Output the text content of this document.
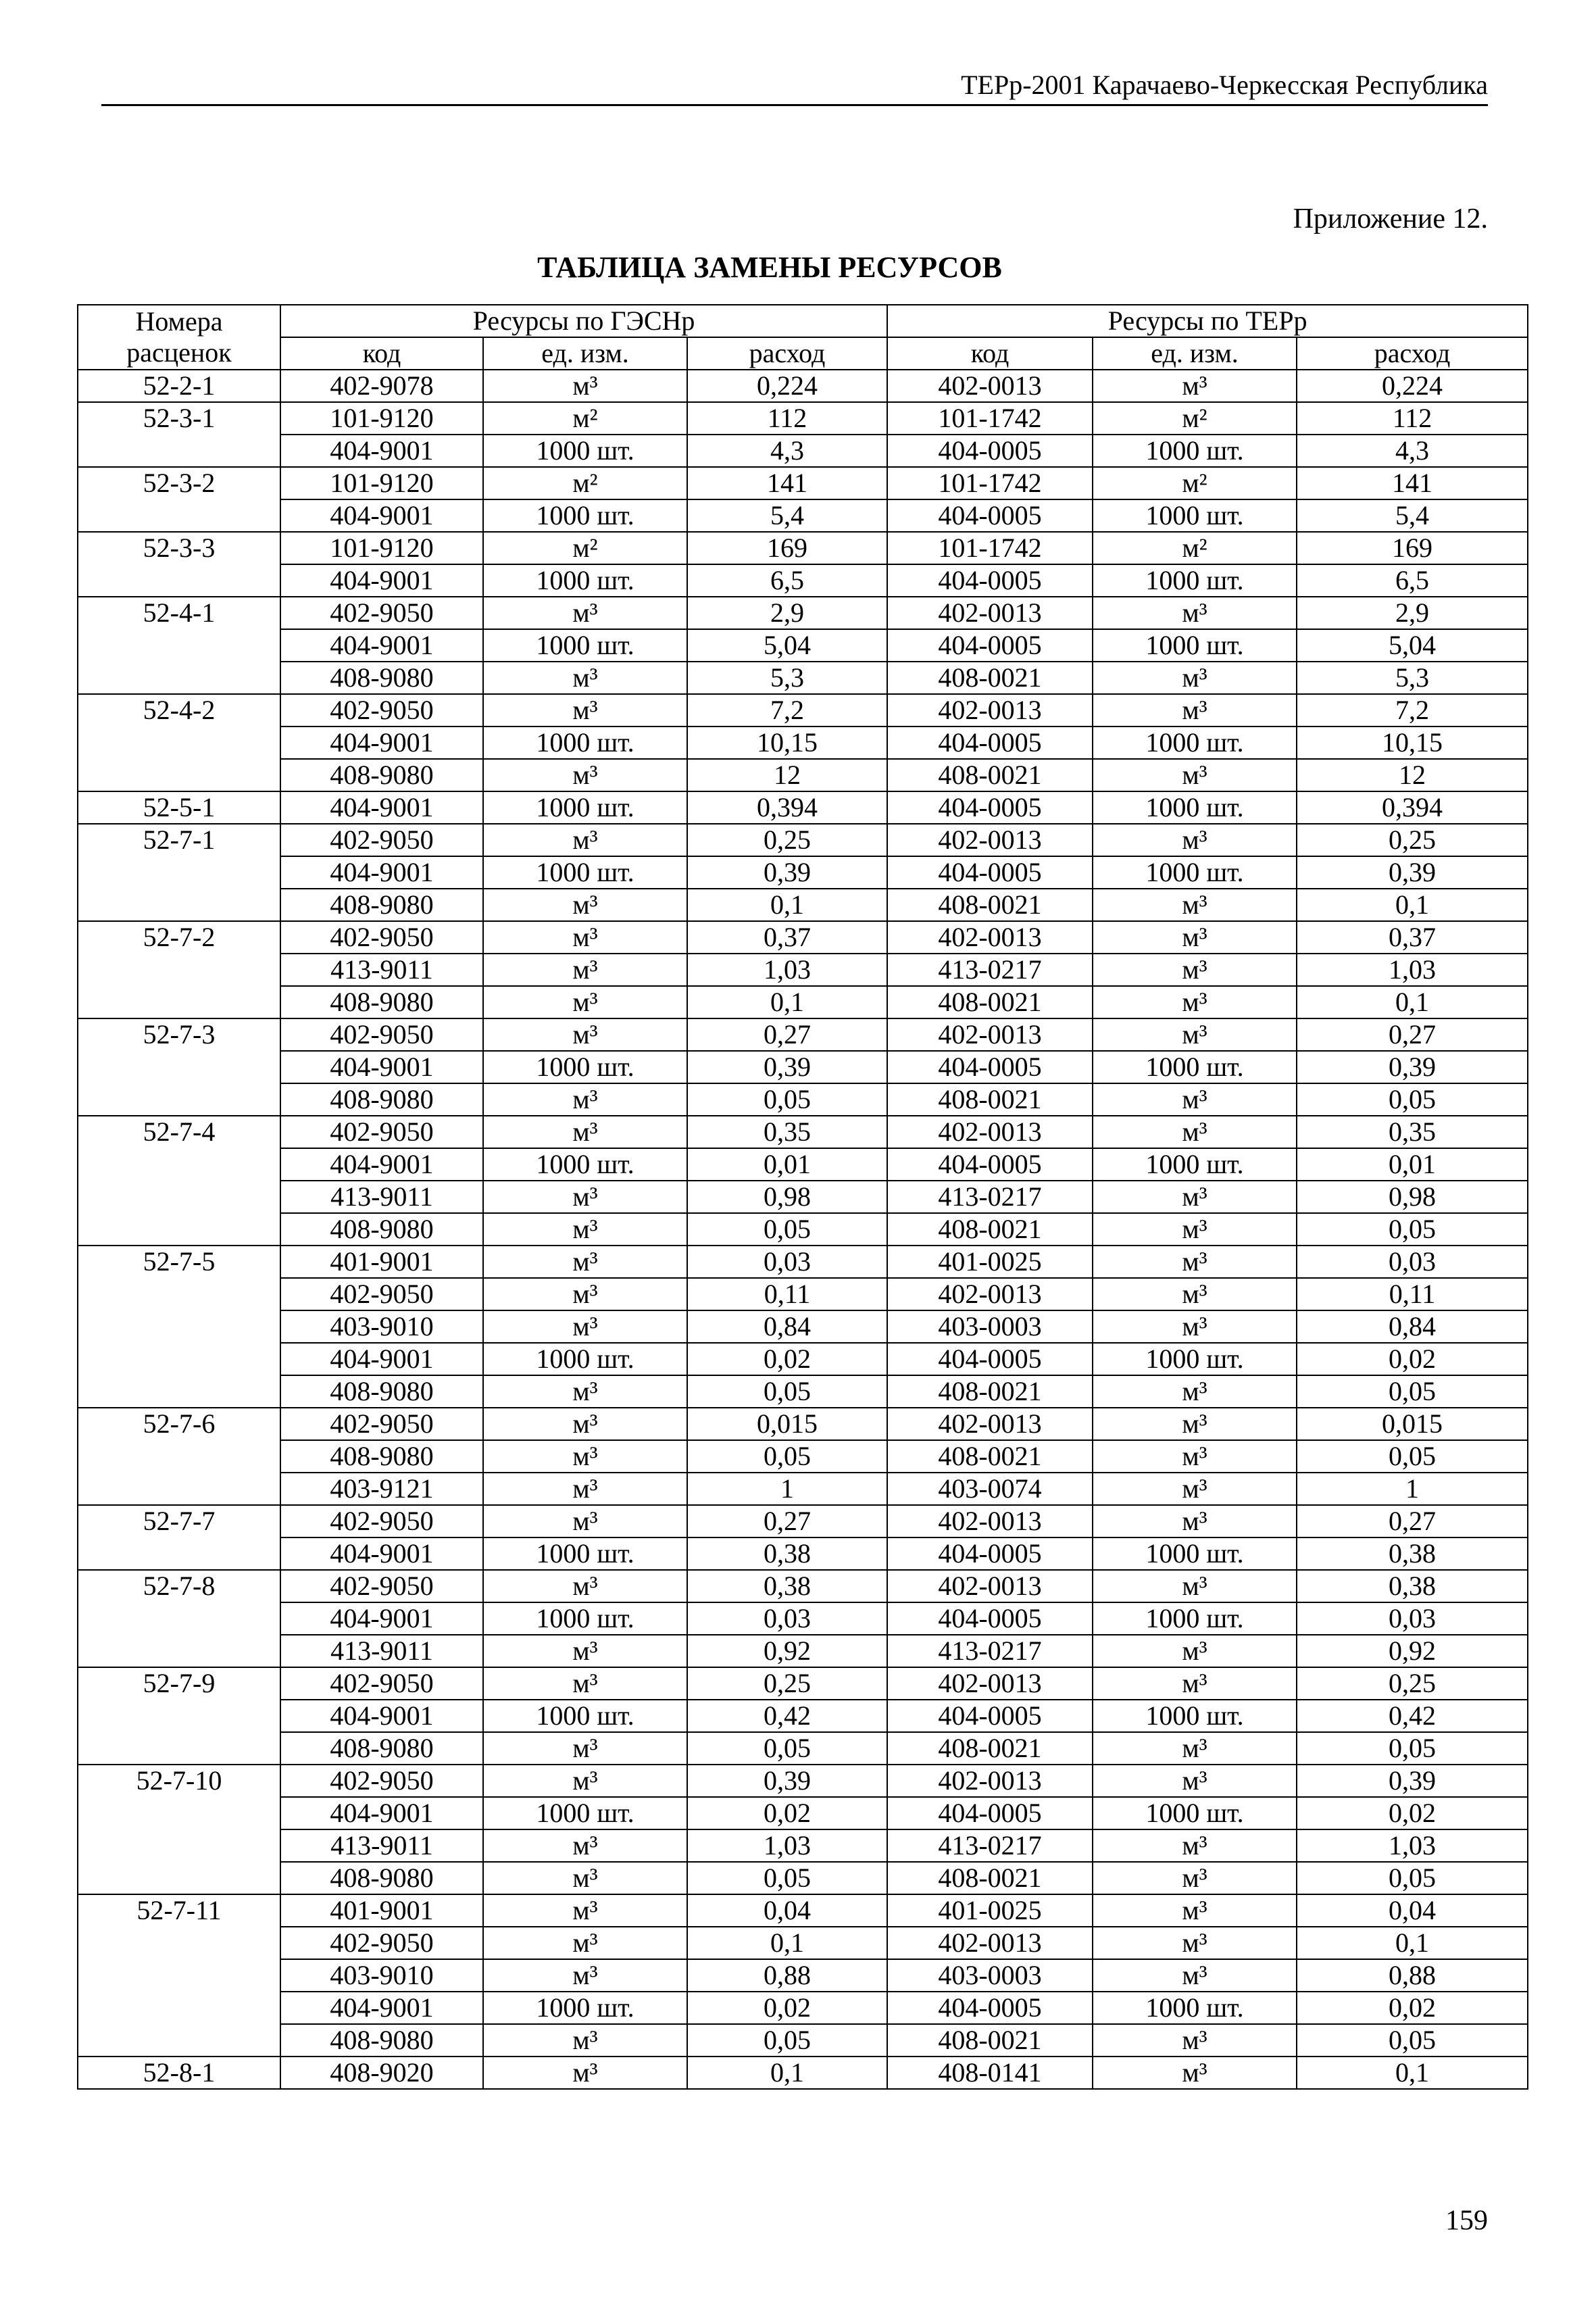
ТЕРр-2001 Карачаево-Черкесская Республика
Приложение 12.
ТАБЛИЦА ЗАМЕНЫ РЕСУРСОВ
Номера расценок	Ресурсы по ГЭСНр			Ресурсы по ТЕРр		
	код	ед. изм.	расход	код	ед. изм.	расход
52-2-1	402-9078	м³	0,224	402-0013	м³	0,224
52-3-1	101-9120	м²	112	101-1742	м²	112
	404-9001	1000 шт.	4,3	404-0005	1000 шт.	4,3
52-3-2	101-9120	м²	141	101-1742	м²	141
	404-9001	1000 шт.	5,4	404-0005	1000 шт.	5,4
52-3-3	101-9120	м²	169	101-1742	м²	169
	404-9001	1000 шт.	6,5	404-0005	1000 шт.	6,5
52-4-1	402-9050	м³	2,9	402-0013	м³	2,9
	404-9001	1000 шт.	5,04	404-0005	1000 шт.	5,04
	408-9080	м³	5,3	408-0021	м³	5,3
52-4-2	402-9050	м³	7,2	402-0013	м³	7,2
	404-9001	1000 шт.	10,15	404-0005	1000 шт.	10,15
	408-9080	м³	12	408-0021	м³	12
52-5-1	404-9001	1000 шт.	0,394	404-0005	1000 шт.	0,394
52-7-1	402-9050	м³	0,25	402-0013	м³	0,25
	404-9001	1000 шт.	0,39	404-0005	1000 шт.	0,39
	408-9080	м³	0,1	408-0021	м³	0,1
52-7-2	402-9050	м³	0,37	402-0013	м³	0,37
	413-9011	м³	1,03	413-0217	м³	1,03
	408-9080	м³	0,1	408-0021	м³	0,1
52-7-3	402-9050	м³	0,27	402-0013	м³	0,27
	404-9001	1000 шт.	0,39	404-0005	1000 шт.	0,39
	408-9080	м³	0,05	408-0021	м³	0,05
52-7-4	402-9050	м³	0,35	402-0013	м³	0,35
	404-9001	1000 шт.	0,01	404-0005	1000 шт.	0,01
	413-9011	м³	0,98	413-0217	м³	0,98
	408-9080	м³	0,05	408-0021	м³	0,05
52-7-5	401-9001	м³	0,03	401-0025	м³	0,03
	402-9050	м³	0,11	402-0013	м³	0,11
	403-9010	м³	0,84	403-0003	м³	0,84
	404-9001	1000 шт.	0,02	404-0005	1000 шт.	0,02
	408-9080	м³	0,05	408-0021	м³	0,05
52-7-6	402-9050	м³	0,015	402-0013	м³	0,015
	408-9080	м³	0,05	408-0021	м³	0,05
	403-9121	м³	1	403-0074	м³	1
52-7-7	402-9050	м³	0,27	402-0013	м³	0,27
	404-9001	1000 шт.	0,38	404-0005	1000 шт.	0,38
52-7-8	402-9050	м³	0,38	402-0013	м³	0,38
	404-9001	1000 шт.	0,03	404-0005	1000 шт.	0,03
	413-9011	м³	0,92	413-0217	м³	0,92
52-7-9	402-9050	м³	0,25	402-0013	м³	0,25
	404-9001	1000 шт.	0,42	404-0005	1000 шт.	0,42
	408-9080	м³	0,05	408-0021	м³	0,05
52-7-10	402-9050	м³	0,39	402-0013	м³	0,39
	404-9001	1000 шт.	0,02	404-0005	1000 шт.	0,02
	413-9011	м³	1,03	413-0217	м³	1,03
	408-9080	м³	0,05	408-0021	м³	0,05
52-7-11	401-9001	м³	0,04	401-0025	м³	0,04
	402-9050	м³	0,1	402-0013	м³	0,1
	403-9010	м³	0,88	403-0003	м³	0,88
	404-9001	1000 шт.	0,02	404-0005	1000 шт.	0,02
	408-9080	м³	0,05	408-0021	м³	0,05
52-8-1	408-9020	м³	0,1	408-0141	м³	0,1
159
